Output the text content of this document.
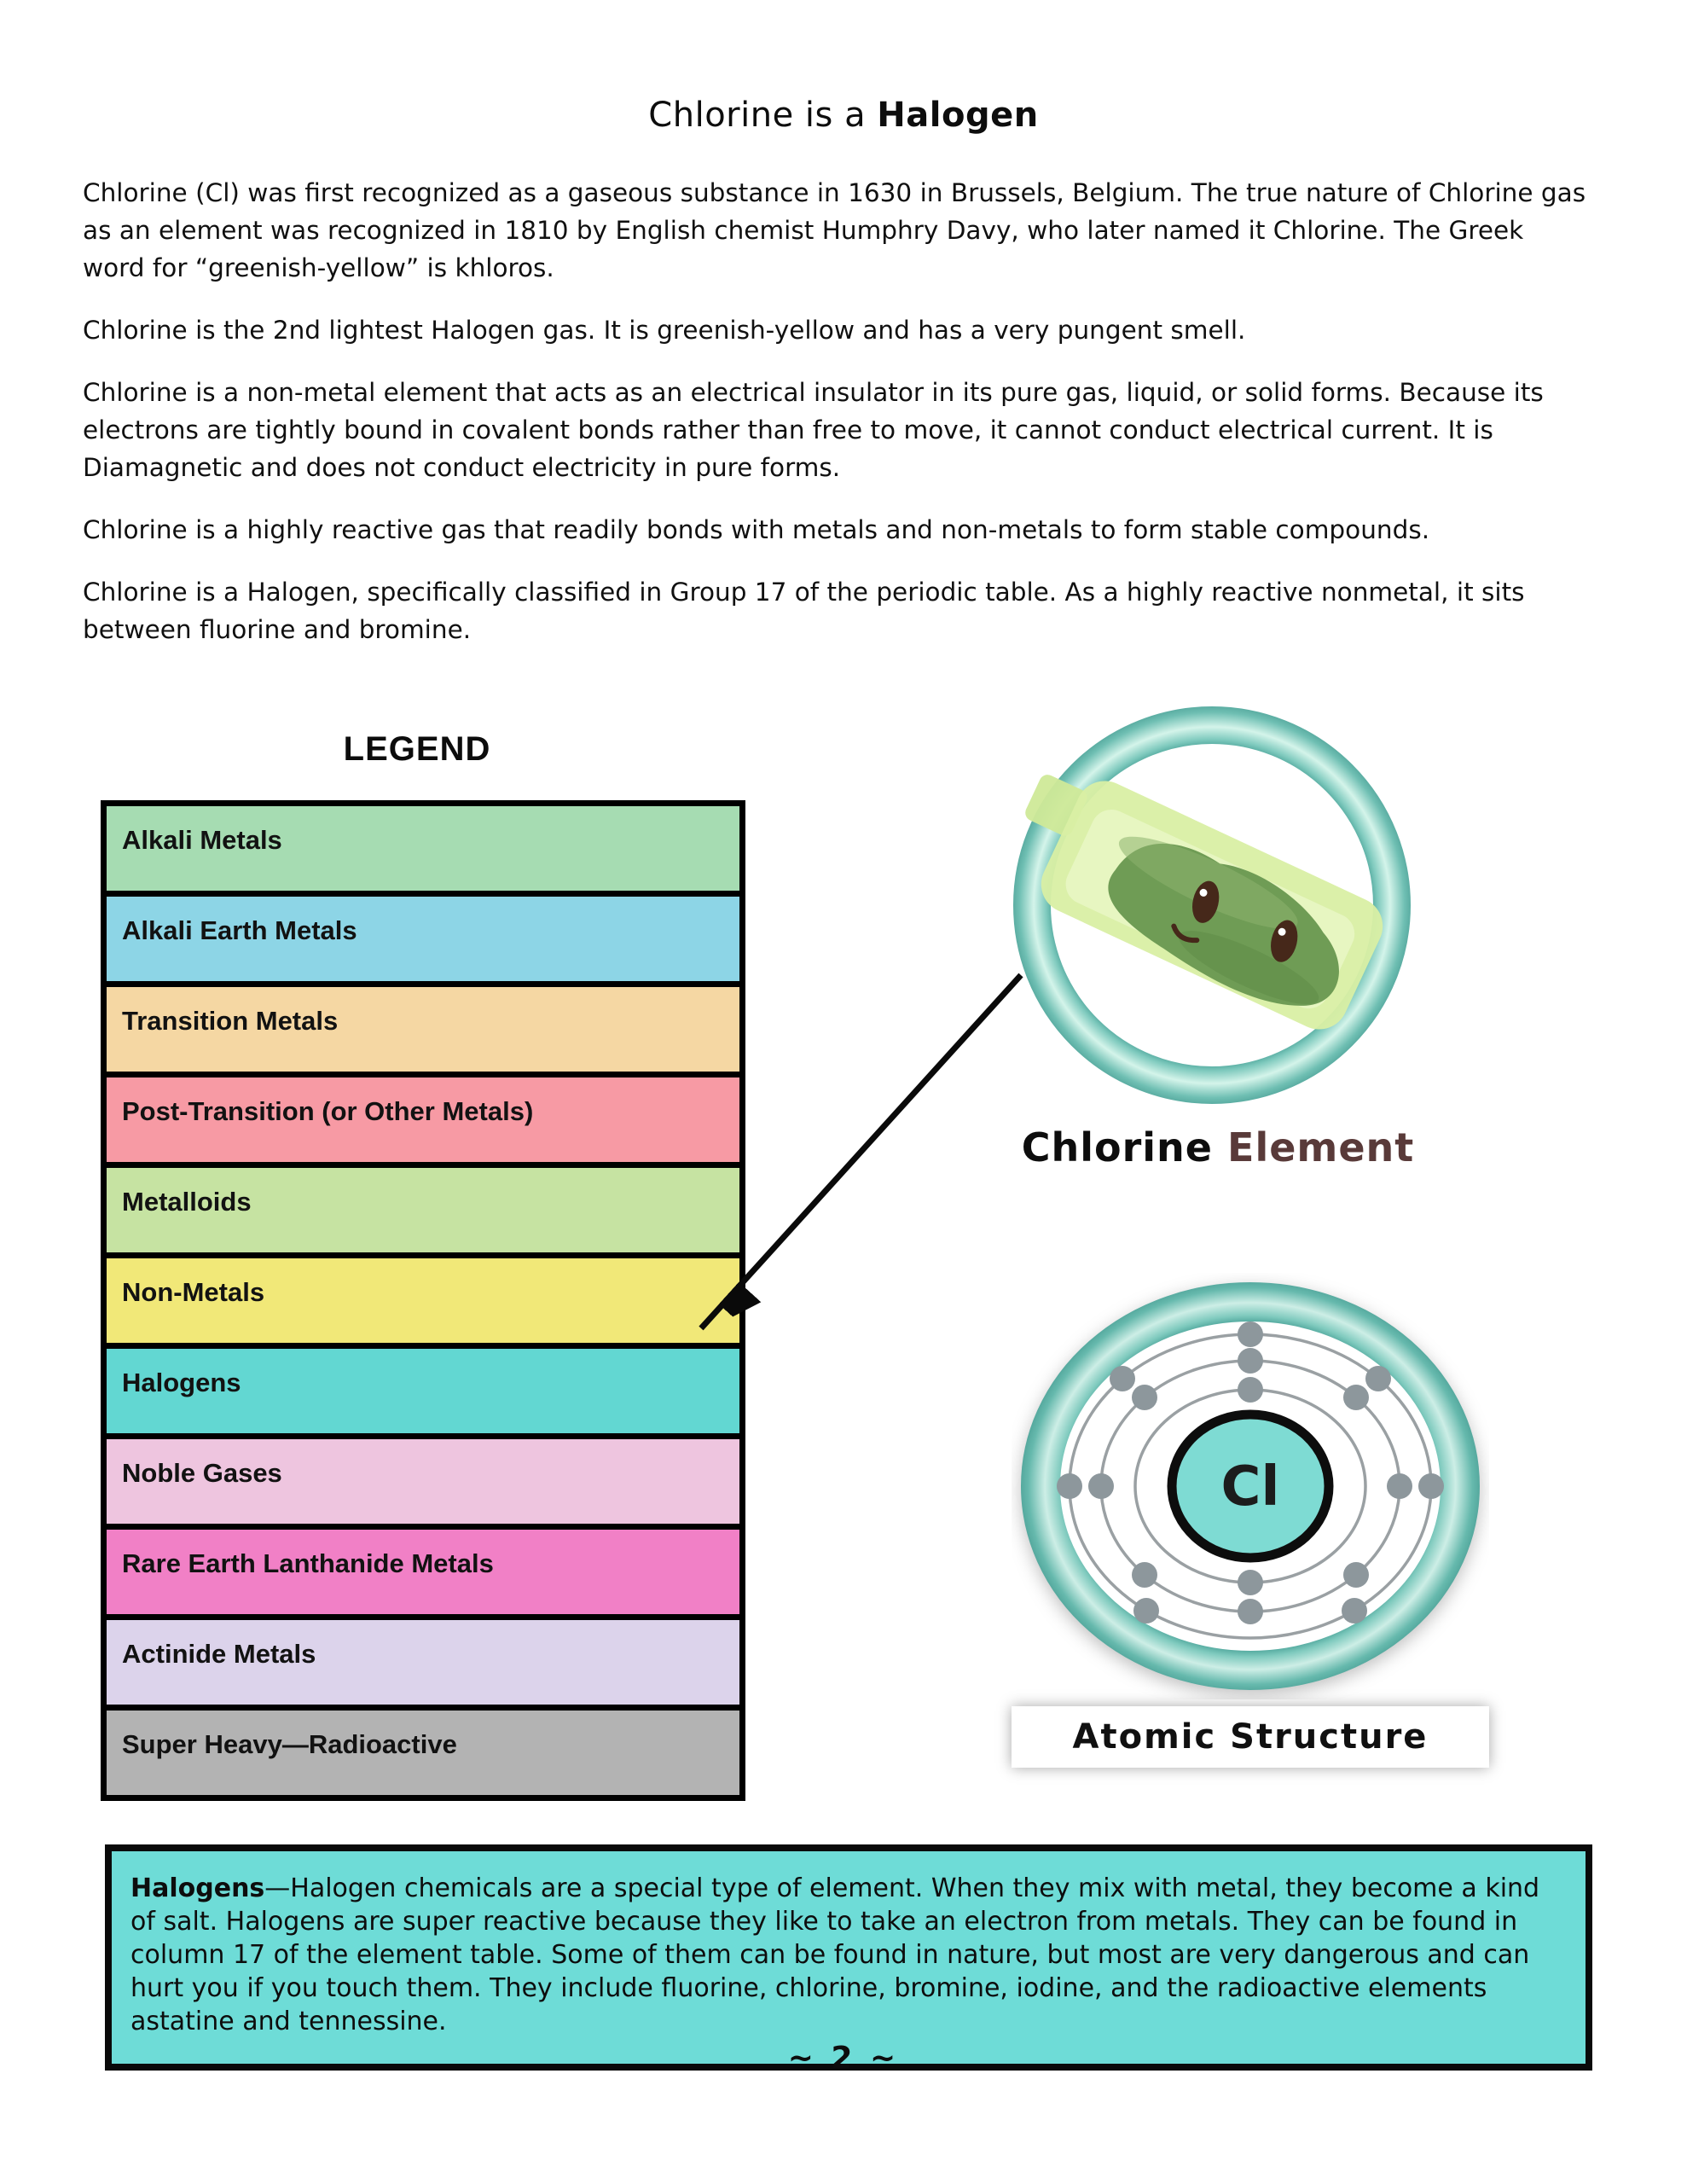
Chlorine is a Halogen

Chlorine (Cl) was first recognized as a gaseous substance in 1630 in Brussels, Belgium. The true nature of Chlorine gas as an element was recognized in 1810 by English chemist Humphry Davy, who later named it Chlorine. The Greek word for “greenish-yellow” is khloros.

Chlorine is the 2nd lightest Halogen gas. It is greenish-yellow and has a very pungent smell.

Chlorine is a non-metal element that acts as an electrical insulator in its pure gas, liquid, or solid forms. Because its electrons are tightly bound in covalent bonds rather than free to move, it cannot conduct electrical current. It is Diamagnetic and does not conduct electricity in pure forms.

Chlorine is a highly reactive gas that readily bonds with metals and non-metals to form stable compounds.

Chlorine is a Halogen, specifically classified in Group 17 of the periodic table. As a highly reactive nonmetal, it sits between fluorine and bromine.

LEGEND
Alkali Metals
Alkali Earth Metals
Transition Metals
Post-Transition (or Other Metals)
Metalloids
Non-Metals
Halogens
Noble Gases
Rare Earth Lanthanide Metals
Actinide Metals
Super Heavy—Radioactive
Chlorine Element
Cl
Atomic Structure
Halogens—Halogen chemicals are a special type of element. When they mix with metal, they become a kind of salt. Halogens are super reactive because they like to take an electron from metals. They can be found in column 17 of the element table. Some of them can be found in nature, but most are very dangerous and can hurt you if you touch them. They include fluorine, chlorine, bromine, iodine, and the radioactive elements astatine and tennessine.
~ 2 ~
